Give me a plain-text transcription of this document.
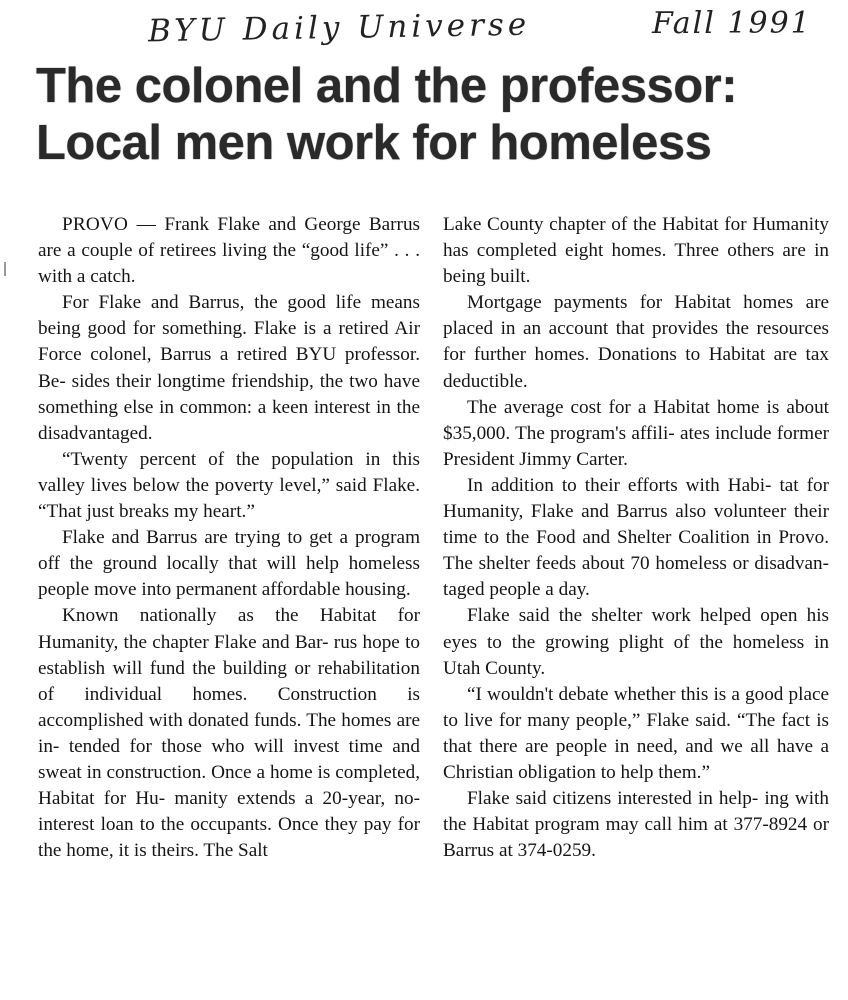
BYU Daily Universe	Fall 1991
The colonel and the professor:
Local men work for homeless

PROVO — Frank Flake and George Barrus are a couple of retirees living the “good life” . . . with a catch.

For Flake and Barrus, the good life means being good for something. Flake is a retired Air Force colonel, Barrus a retired BYU professor. Be- sides their longtime friendship, the two have something else in common: a keen interest in the disadvantaged.

“Twenty percent of the population in this valley lives below the poverty level,” said Flake. “That just breaks my heart.”

Flake and Barrus are trying to get a program off the ground locally that will help homeless people move into permanent affordable housing.

Known nationally as the Habitat for Humanity, the chapter Flake and Bar- rus hope to establish will fund the building or rehabilitation of individual homes. Construction is accomplished with donated funds. The homes are in- tended for those who will invest time and sweat in construction. Once a home is completed, Habitat for Hu- manity extends a 20-year, no-interest loan to the occupants. Once they pay for the home, it is theirs. The Salt

Lake County chapter of the Habitat for Humanity has completed eight homes. Three others are in being built.

Mortgage payments for Habitat homes are placed in an account that provides the resources for further homes. Donations to Habitat are tax deductible.

The average cost for a Habitat home is about $35,000. The program's affili- ates include former President Jimmy Carter.

In addition to their efforts with Habi- tat for Humanity, Flake and Barrus also volunteer their time to the Food and Shelter Coalition in Provo. The shelter feeds about 70 homeless or disadvan- taged people a day.

Flake said the shelter work helped open his eyes to the growing plight of the homeless in Utah County.

“I wouldn't debate whether this is a good place to live for many people,” Flake said. “The fact is that there are people in need, and we all have a Christian obligation to help them.”

Flake said citizens interested in help- ing with the Habitat program may call him at 377-8924 or Barrus at 374-0259.
